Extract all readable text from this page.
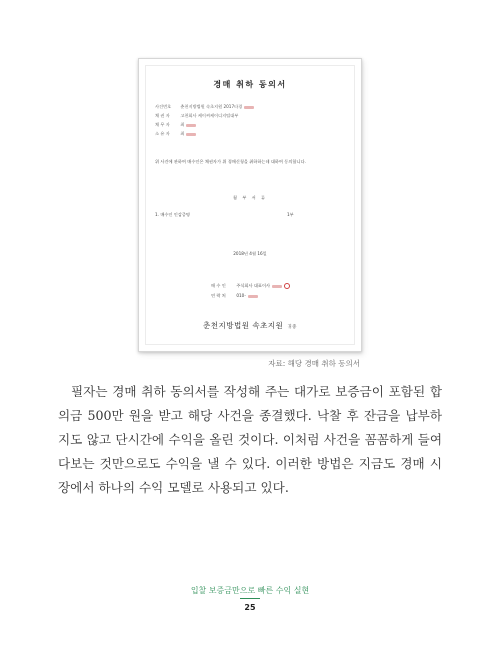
경매 취하 동의서
사건번호 춘천지방법원 속초지원 2017타경
채 권 자	고천회사 케이씨케이디지털대부
채 무 자	최
소 유 자	최
위 사건에 관하여 매수인은 채권자가 위 경매신청을 취하하는데 대하여 동의합니다.
첨 부 서 류
1. 매수인 인감증명	1부
2018년 4월 16일
매 수 인	주식회사 대표이사
연 락 처	010-
춘천지방법원 속초지원 귀중
자료: 해당 경매 취하 동의서

필자는 경매 취하 동의서를 작성해 주는 대가로 보증금이 포함된 합의금 500만 원을 받고 해당 사건을 종결했다. 낙찰 후 잔금을 납부하지도 않고 단시간에 수익을 올린 것이다. 이처럼 사건을 꼼꼼하게 들여다보는 것만으로도 수익을 낼 수 있다. 이러한 방법은 지금도 경매 시장에서 하나의 수익 모델로 사용되고 있다.

입찰 보증금만으로 빠른 수익 실현
25
